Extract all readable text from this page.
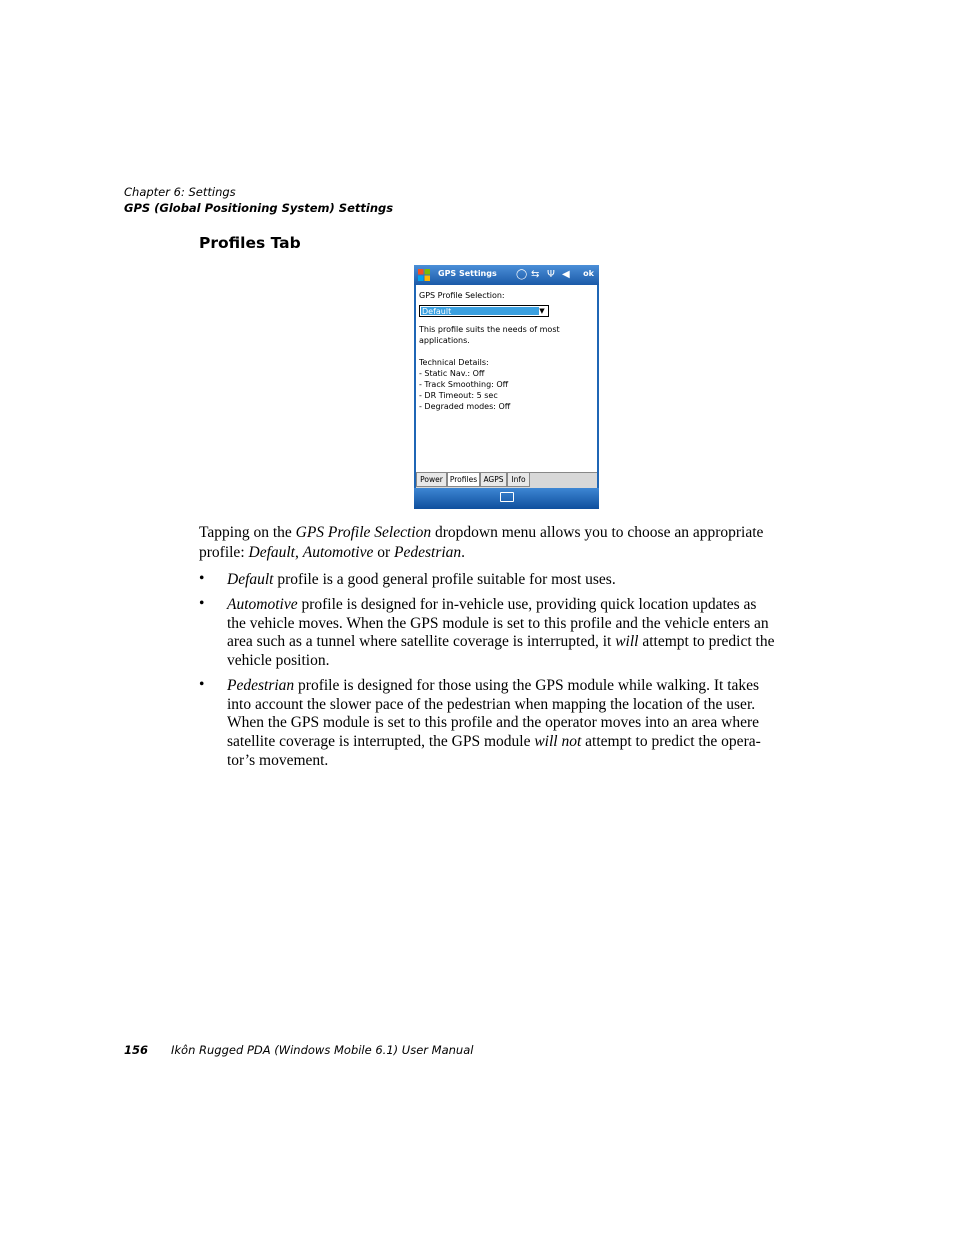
Chapter 6: Settings
GPS (Global Positioning System) Settings
Profiles Tab
GPS Settings ◯ ⇆ Ψ ◀ ok
GPS Profile Selection:
Default	▼
This profile suits the needs of most
applications.
Technical Details:
- Static Nav.: Off
- Track Smoothing: Off
- DR Timeout: 5 sec
- Degraded modes: Off
Power Profiles AGPS	Info
Tapping on the GPS Profile Selection dropdown menu allows you to choose an appropriate
profile: Default, Automotive or Pedestrian.
• Default profile is a good general profile suitable for most uses.
• Automotive profile is designed for in-vehicle use, providing quick location updates as
the vehicle moves. When the GPS module is set to this profile and the vehicle enters an
area such as a tunnel where satellite coverage is interrupted, it will attempt to predict the
vehicle position.
• Pedestrian profile is designed for those using the GPS module while walking. It takes
into account the slower pace of the pedestrian when mapping the location of the user.
When the GPS module is set to this profile and the operator moves into an area where
satellite coverage is interrupted, the GPS module will not attempt to predict the opera-
tor’s movement.
156 Ikôn Rugged PDA (Windows Mobile 6.1) User Manual
